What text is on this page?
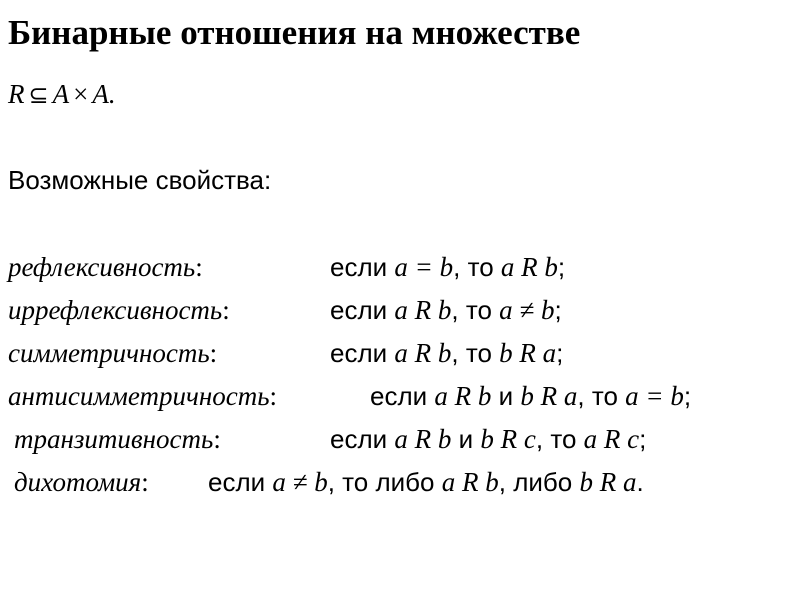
Бинарные отношения на множестве
R ⊆ A × A.
Возможные свойства:
рефлексивность:	если a = b, то a R b;
иррефлексивность:	если a R b, то a ≠ b;
симметричность:	если a R b, то b R a;
антисимметричность:	если a R b и b R a, то a = b;
транзитивность:	если a R b и b R c, то a R c;
дихотомия: если a ≠ b, то либо a R b, либо b R a.
